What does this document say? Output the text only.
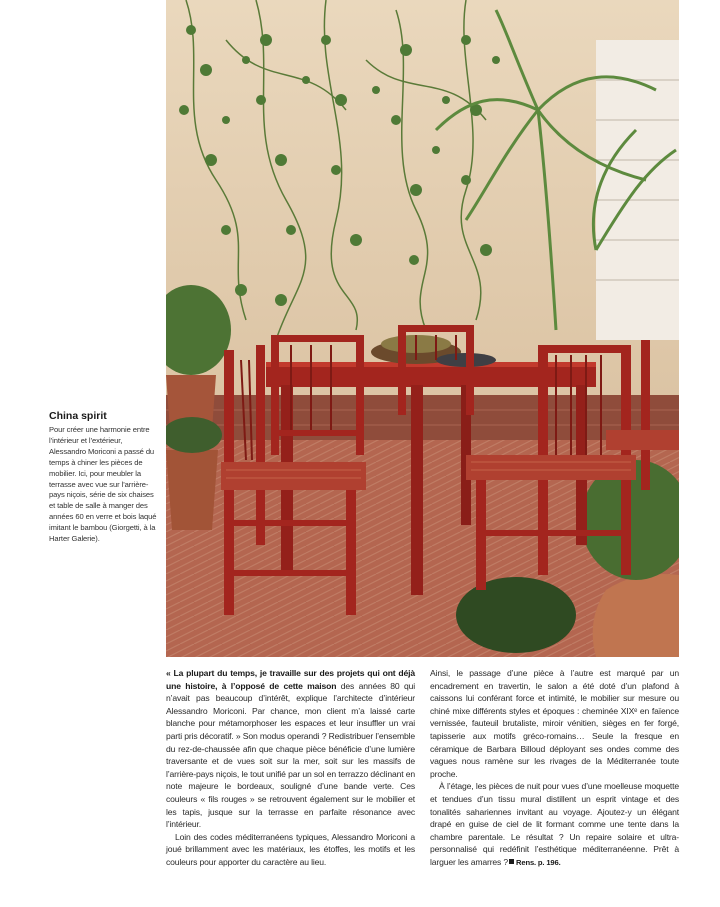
China spirit

Pour créer une harmonie entre l’intérieur et l’extérieur, Alessandro Moriconi a passé du temps à chiner les pièces de mobilier. Ici, pour meubler la terrasse avec vue sur l’arrière-pays niçois, série de six chaises et table de salle à manger des années 60 en verre et bois laqué imitant le bambou (Giorgetti, à la Harter Galerie).

« La plupart du temps, je travaille sur des projets qui ont déjà une histoire, à l’opposé de cette maison des années 80 qui n’avait pas beaucoup d’intérêt, explique l’architecte d’intérieur Alessandro Moriconi. Par chance, mon client m’a laissé carte blanche pour métamorphoser les espaces et leur insuffler un vrai parti pris décoratif. » Son modus operandi ? Redistribuer l’ensemble du rez-de-chaussée afin que chaque pièce bénéficie d’une lumière traversante et de vues soit sur la mer, soit sur les massifs de l’arrière-pays niçois, le tout unifié par un sol en terrazzo déclinant en note majeure le bordeaux, souligné d’une bande verte. Ces couleurs « fils rouges » se retrouvent également sur le mobilier et les tapis, jusque sur la terrasse en parfaite résonance avec l’intérieur.

Loin des codes méditerranéens typiques, Alessandro Moriconi a joué brillamment avec les matériaux, les étoffes, les motifs et les couleurs pour apporter du caractère au lieu.

Ainsi, le passage d’une pièce à l’autre est marqué par un encadrement en travertin, le salon a été doté d’un plafond à caissons lui conférant force et intimité, le mobilier sur mesure ou chiné mixe différents styles et époques : cheminée XIXᵉ en faïence vernissée, fauteuil brutaliste, miroir vénitien, sièges en fer forgé, tapisserie aux motifs gréco-romains… Seule la fresque en céramique de Barbara Billoud déployant ses ondes comme des vagues nous ramène sur les rivages de la Méditerranée toute proche.

À l’étage, les pièces de nuit pour vues d’une moelleuse moquette et tendues d’un tissu mural distillent un esprit vintage et des tonalités sahariennes invitant au voyage. Ajoutez-y un élégant drapé en guise de ciel de lit formant comme une tente dans la chambre parentale. Le résultat ? Un repaire solaire et ultra-personnalisé qui redéfinit l’esthétique méditerranéenne. Prêt à larguer les amarres ? Rens. p. 196.
